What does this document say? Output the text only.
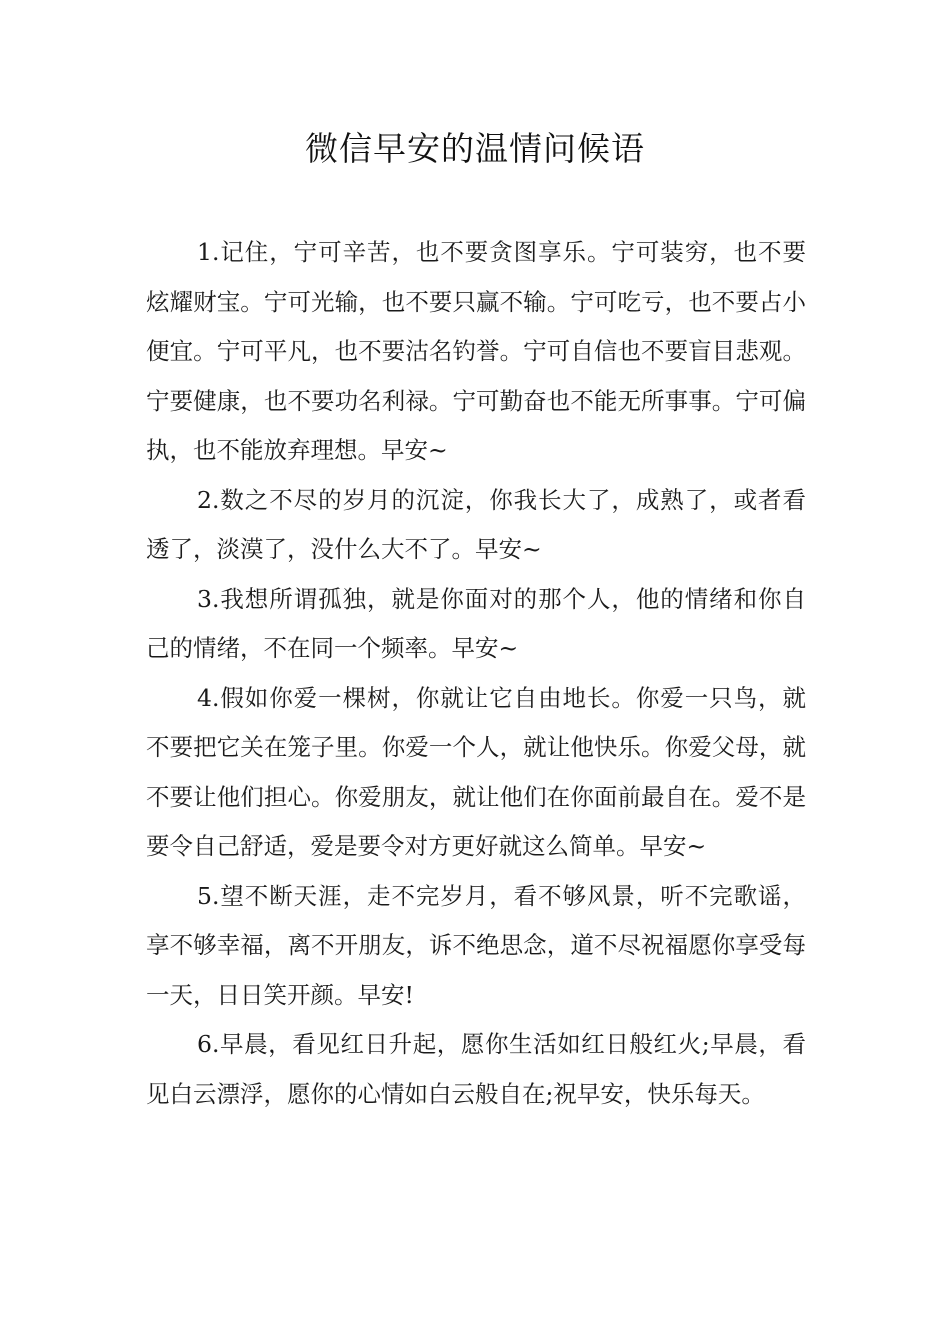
微信早安的温情问候语

1.记住，宁可辛苦，也不要贪图享乐。宁可装穷，也不要炫耀财宝。宁可光输，也不要只赢不输。宁可吃亏，也不要占小便宜。宁可平凡，也不要沽名钓誉。宁可自信也不要盲目悲观。宁要健康，也不要功名利禄。宁可勤奋也不能无所事事。宁可偏执，也不能放弃理想。早安~

2.数之不尽的岁月的沉淀，你我长大了，成熟了，或者看透了，淡漠了，没什么大不了。早安~

3.我想所谓孤独，就是你面对的那个人，他的情绪和你自己的情绪，不在同一个频率。早安~

4.假如你爱一棵树，你就让它自由地长。你爱一只鸟，就不要把它关在笼子里。你爱一个人，就让他快乐。你爱父母，就不要让他们担心。你爱朋友，就让他们在你面前最自在。爱不是要令自己舒适，爱是要令对方更好就这么简单。早安~

5.望不断天涯，走不完岁月，看不够风景，听不完歌谣，享不够幸福，离不开朋友，诉不绝思念，道不尽祝福愿你享受每一天，日日笑开颜。早安!

6.早晨，看见红日升起，愿你生活如红日般红火;早晨，看见白云漂浮，愿你的心情如白云般自在;祝早安，快乐每天。
